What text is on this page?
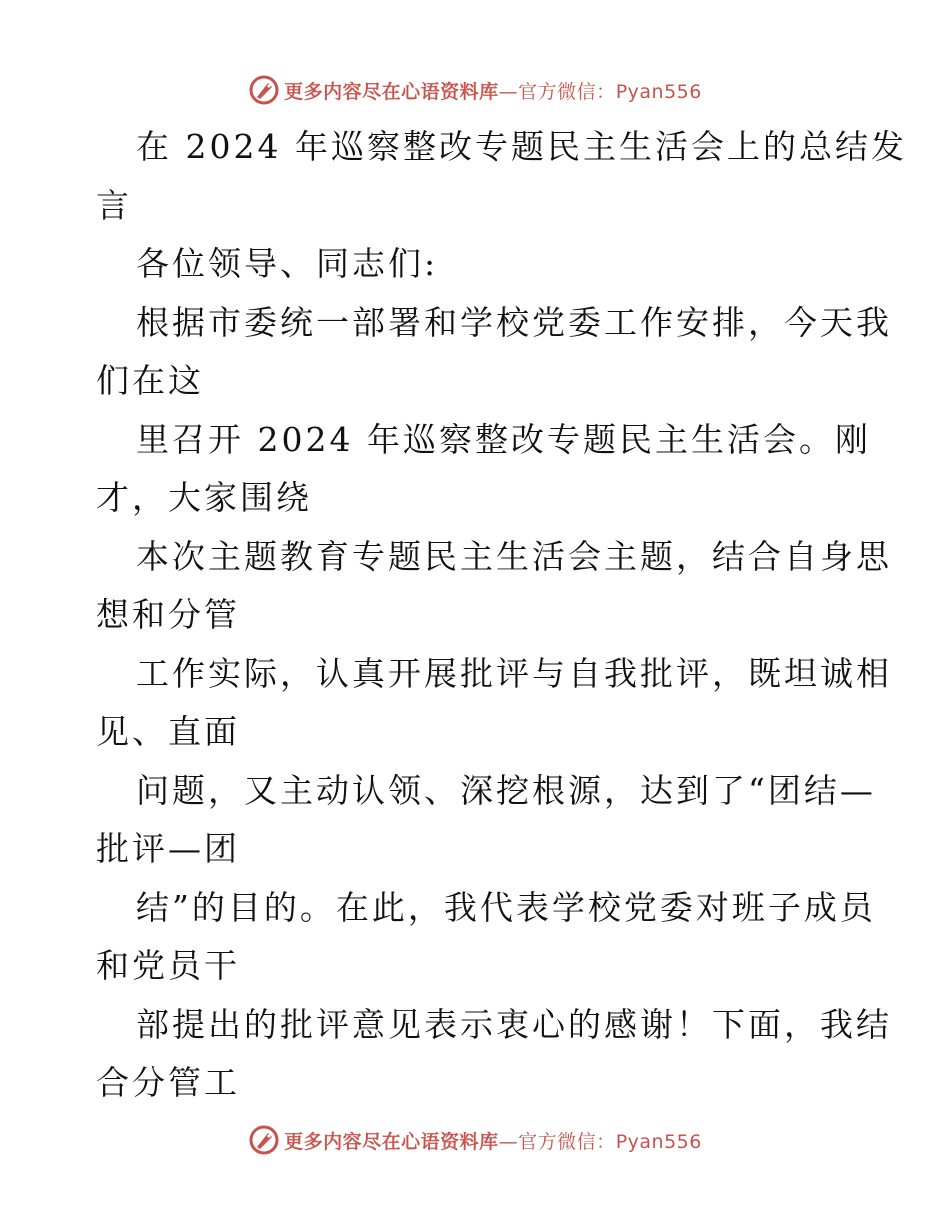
更多内容尽在心语资料库—官方微信：Pyan556
在 2024 年巡察整改专题民主生活会上的总结发
言
各位领导、同志们:
根据市委统一部署和学校党委工作安排，今天我
们在这
里召开 2024 年巡察整改专题民主生活会。刚
才，大家围绕
本次主题教育专题民主生活会主题，结合自身思
想和分管
工作实际，认真开展批评与自我批评，既坦诚相
见、直面
问题，又主动认领、深挖根源，达到了“团结—
批评—团
结”的目的。在此，我代表学校党委对班子成员
和党员干
部提出的批评意见表示衷心的感谢！下面，我结
合分管工
更多内容尽在心语资料库—官方微信：Pyan556
